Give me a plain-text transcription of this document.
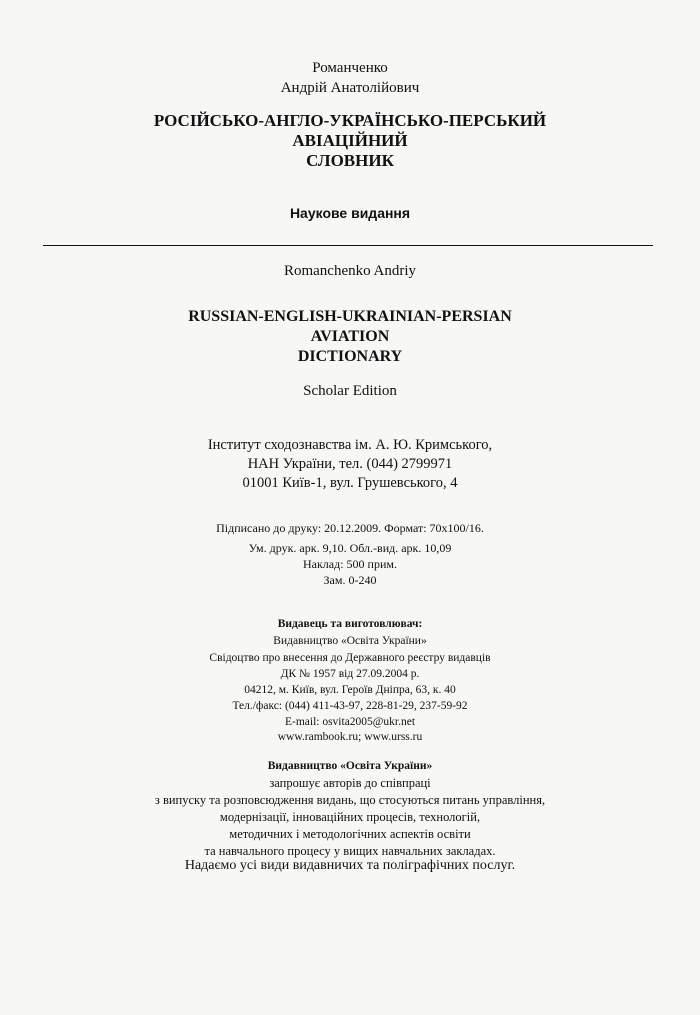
Романченко
Андрій Анатолійович
РОСІЙСЬКО-АНГЛО-УКРАЇНСЬКО-ПЕРСЬКИЙ
АВІАЦІЙНИЙ
СЛОВНИК
Наукове видання
Romanchenko Andriy
RUSSIAN-ENGLISH-UKRAINIAN-PERSIAN
AVIATION
DICTIONARY
Scholar Edition
Інститут сходознавства ім. А. Ю. Кримського,
НАН України, тел. (044) 2799971
01001 Київ-1, вул. Грушевського, 4
Підписано до друку: 20.12.2009. Формат: 70x100/16.
Ум. друк. арк. 9,10. Обл.-вид. арк. 10,09
Наклад: 500 прим.
Зам. 0-240
Видавець та виготовлювач:
Видавництво «Освіта України»
Свідоцтво про внесення до Державного реєстру видавців
ДК № 1957 від 27.09.2004 р.
04212, м. Київ, вул. Героїв Дніпра, 63, к. 40
Тел./факс: (044) 411-43-97, 228-81-29, 237-59-92
E-mail: osvita2005@ukr.net
www.rambook.ru; www.urss.ru
Видавництво «Освіта України»
запрошує авторів до співпраці
з випуску та розповсюдження видань, що стосуються питань управління,
модернізації, інноваційних процесів, технологій,
методичних і методологічних аспектів освіти
та навчального процесу у вищих навчальних закладах.
Надаємо усі види видавничих та поліграфічних послуг.
